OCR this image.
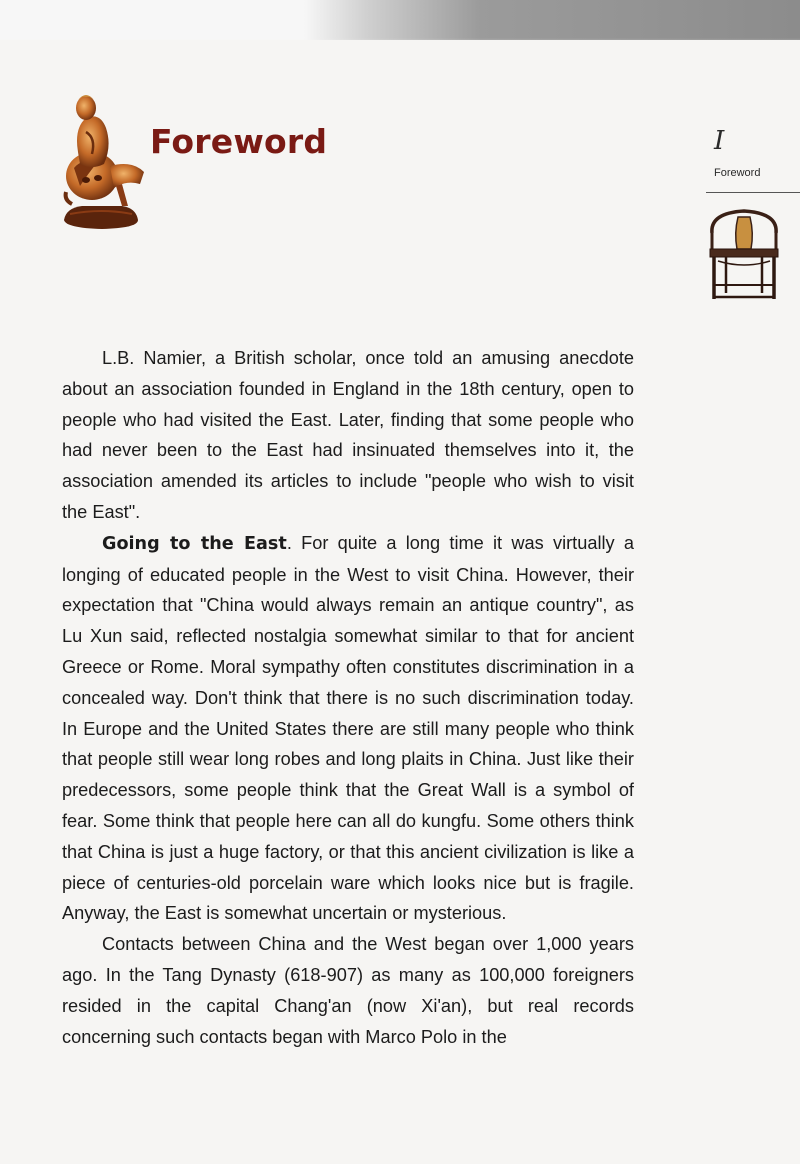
Foreword	I
Foreword

L.B. Namier, a British scholar, once told an amusing anecdote about an association founded in England in the 18th century, open to people who had visited the East. Later, finding that some people who had never been to the East had insinuated themselves into it, the association amended its articles to include "people who wish to visit the East".

Going to the East. For quite a long time it was virtually a longing of educated people in the West to visit China. However, their expectation that "China would always remain an antique country", as Lu Xun said, reflected nostalgia somewhat similar to that for ancient Greece or Rome. Moral sympathy often constitutes discrimination in a concealed way. Don't think that there is no such discrimination today. In Europe and the United States there are still many people who think that people still wear long robes and long plaits in China. Just like their predecessors, some people think that the Great Wall is a symbol of fear. Some think that people here can all do kungfu. Some others think that China is just a huge factory, or that this ancient civilization is like a piece of centuries-old porcelain ware which looks nice but is fragile. Anyway, the East is somewhat uncertain or mysterious.

Contacts between China and the West began over 1,000 years ago. In the Tang Dynasty (618-907) as many as 100,000 foreigners resided in the capital Chang'an (now Xi'an), but real records concerning such contacts began with Marco Polo in the
